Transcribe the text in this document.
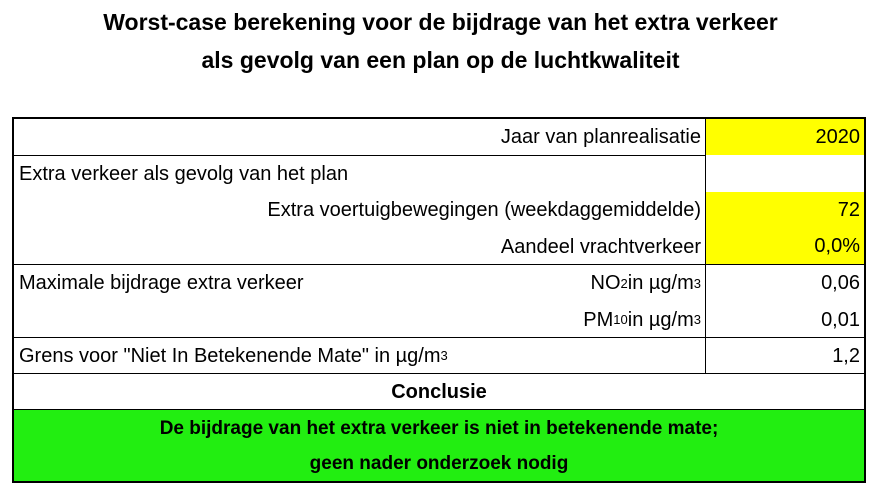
Worst-case berekening voor de bijdrage van het extra verkeer
als gevolg van een plan op de luchtkwaliteit
Jaar van planrealisatie	2020
Extra verkeer als gevolg van het plan
Extra voertuigbewegingen (weekdaggemiddelde)	72
Aandeel vrachtverkeer	0,0%
Maximale bijdrage extra verkeer	NO 2 in µg/m 3	0,06
PM 10 in µg/m 3	0,01
Grens voor "Niet In Betekenende Mate" in µg/m 3	1,2
Conclusie
De bijdrage van het extra verkeer is niet in betekenende mate;
geen nader onderzoek nodig
